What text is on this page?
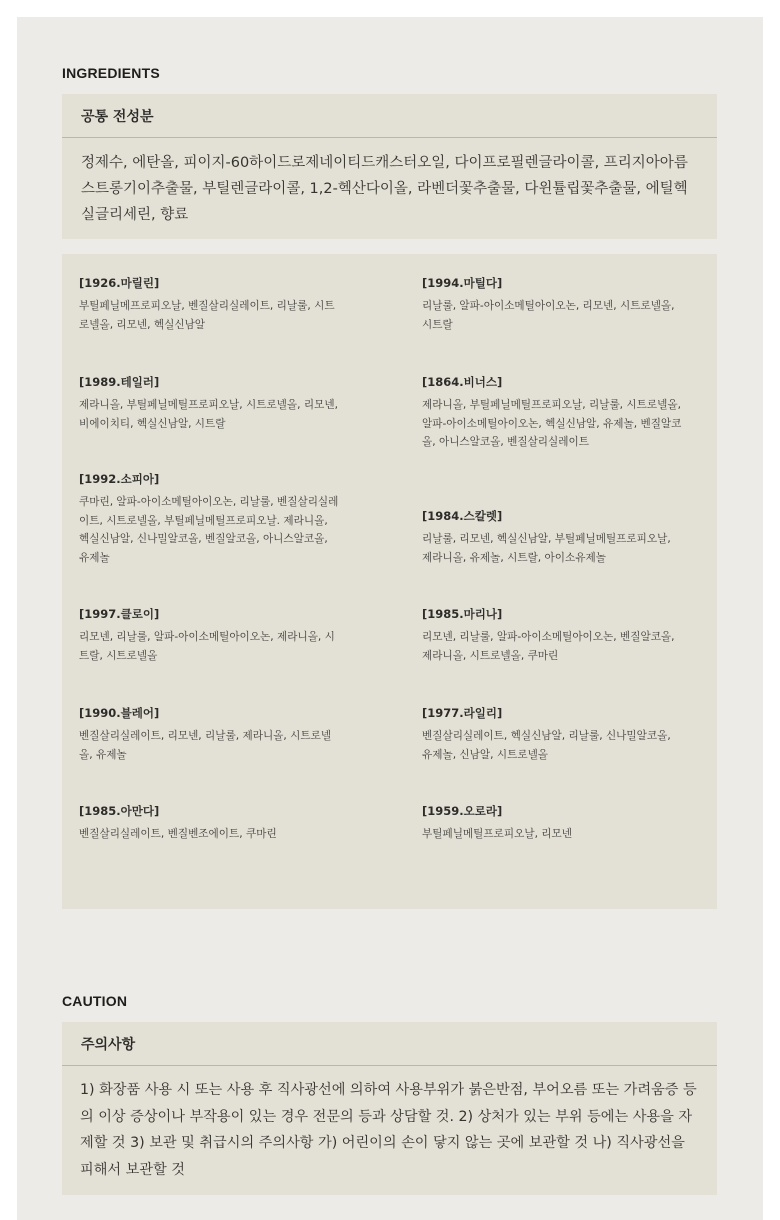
INGREDIENTS
공통 전성분
정제수, 에탄올, 피이지-60하이드로제네이티드캐스터오일, 다이프로필렌글라이콜, 프리지아아름스트롱기이추출물, 부틸렌글라이콜, 1,2-헥산다이올, 라벤더꽃추출물, 다윈튤립꽃추출물, 에틸헥실글리세린, 향료
[1926.마릴린]
부틸페닐메프로피오날, 벤질살리실레이트, 리날룰, 시트로넬올, 리모넨, 헥실신남알
[1989.테일러]
제라니올, 부틸페닐메틸프로피오날, 시트로넬올, 리모넨, 비에이치티, 헥실신남알, 시트랄
[1992.소피아]
쿠마린, 알파-아이소메틸아이오논, 리날룰, 벤질살리실레이트, 시트로넬올, 부틸페닐메틸프로피오날. 제라니올, 헥실신남알, 신나밀알코올, 벤질알코올, 아니스알코올, 유제놀
[1997.클로이]
리모넨, 리날룰, 알파-아이소메틸아이오논, 제라니올, 시트랄, 시트로넬올
[1990.블레어]
벤질살리실레이트, 리모넨, 리날룰, 제라니올, 시트로넬올, 유제놀
[1985.아만다]
벤질살리실레이트, 벤질벤조에이트, 쿠마린
[1994.마틸다]
리날룰, 알파-아이소메틸아이오논, 리모넨, 시트로넬올, 시트랄
[1864.비너스]
제라니올, 부틸페닐메틸프로피오날, 리날룰, 시트로넬올, 알파-아이소메틸아이오논, 헥실신남알, 유제놀, 벤질알코올, 아니스알코올, 벤질살리실레이트
[1984.스칼렛]
리날룰, 리모넨, 헥실신남알, 부틸페닐메틸프로피오날, 제라니올, 유제놀, 시트랄, 아이소유제놀
[1985.마리나]
리모넨, 리날룰, 알파-아이소메틸아이오논, 벤질알코올, 제라니올, 시트로넬올, 쿠마린
[1977.라일리]
벤질살리실레이트, 헥실신남알, 리날룰, 신나밀알코올, 유제놀, 신남알, 시트로넬올
[1959.오로라]
부틸페닐메틸프로피오날, 리모넨
CAUTION
주의사항
1) 화장품 사용 시 또는 사용 후 직사광선에 의하여 사용부위가 붉은반점, 부어오름 또는 가려움증 등의 이상 증상이나 부작용이 있는 경우 전문의 등과 상담할 것. 2) 상처가 있는 부위 등에는 사용을 자제할 것 3) 보관 및 취급시의 주의사항 가) 어린이의 손이 닿지 않는 곳에 보관할 것 나) 직사광선을 피해서 보관할 것
